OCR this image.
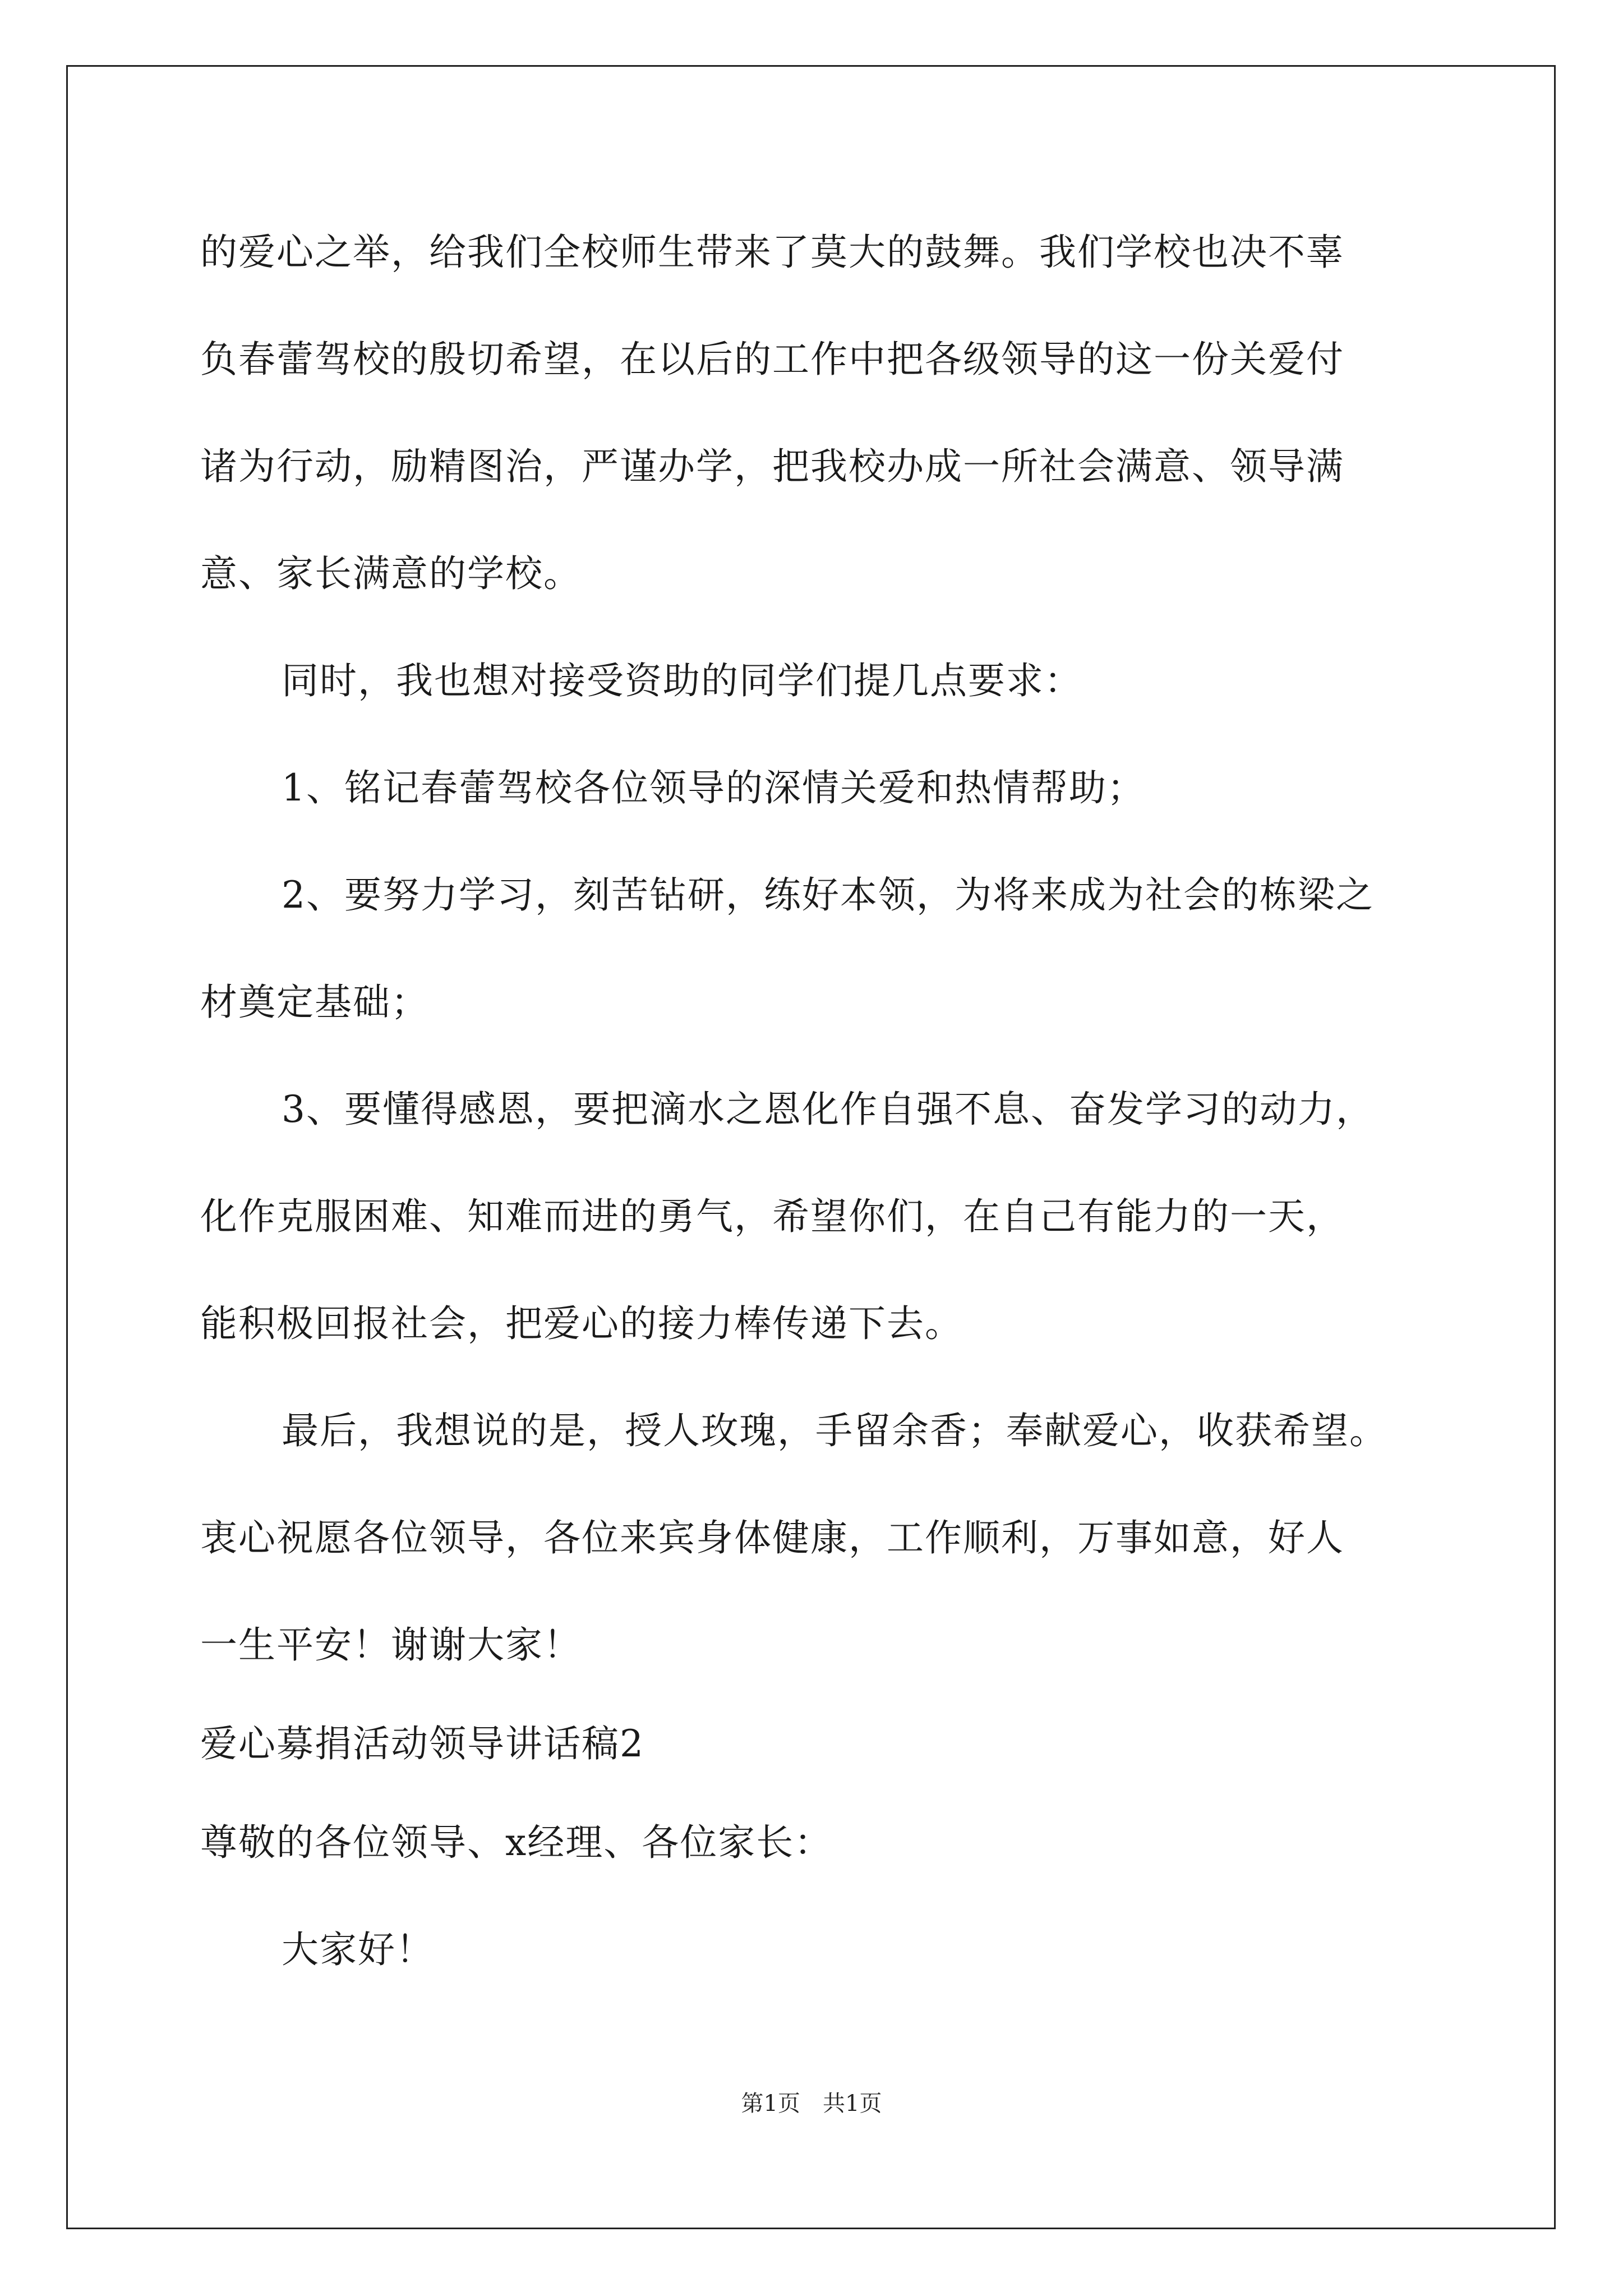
的爱心之举，给我们全校师生带来了莫大的鼓舞。我们学校也决不辜
负春蕾驾校的殷切希望，在以后的工作中把各级领导的这一份关爱付
诸为行动，励精图治，严谨办学，把我校办成一所社会满意、领导满
意、家长满意的学校。
同时，我也想对接受资助的同学们提几点要求：
1、铭记春蕾驾校各位领导的深情关爱和热情帮助；
2、要努力学习，刻苦钻研，练好本领，为将来成为社会的栋梁之
材奠定基础；
3、要懂得感恩，要把滴水之恩化作自强不息、奋发学习的动力，
化作克服困难、知难而进的勇气，希望你们，在自己有能力的一天，
能积极回报社会，把爱心的接力棒传递下去。
最后，我想说的是，授人玫瑰，手留余香；奉献爱心，收获希望。
衷心祝愿各位领导，各位来宾身体健康，工作顺利，万事如意，好人
一生平安！谢谢大家！
爱心募捐活动领导讲话稿2
尊敬的各位领导、x经理、各位家长：
大家好！
第1页　共1页
